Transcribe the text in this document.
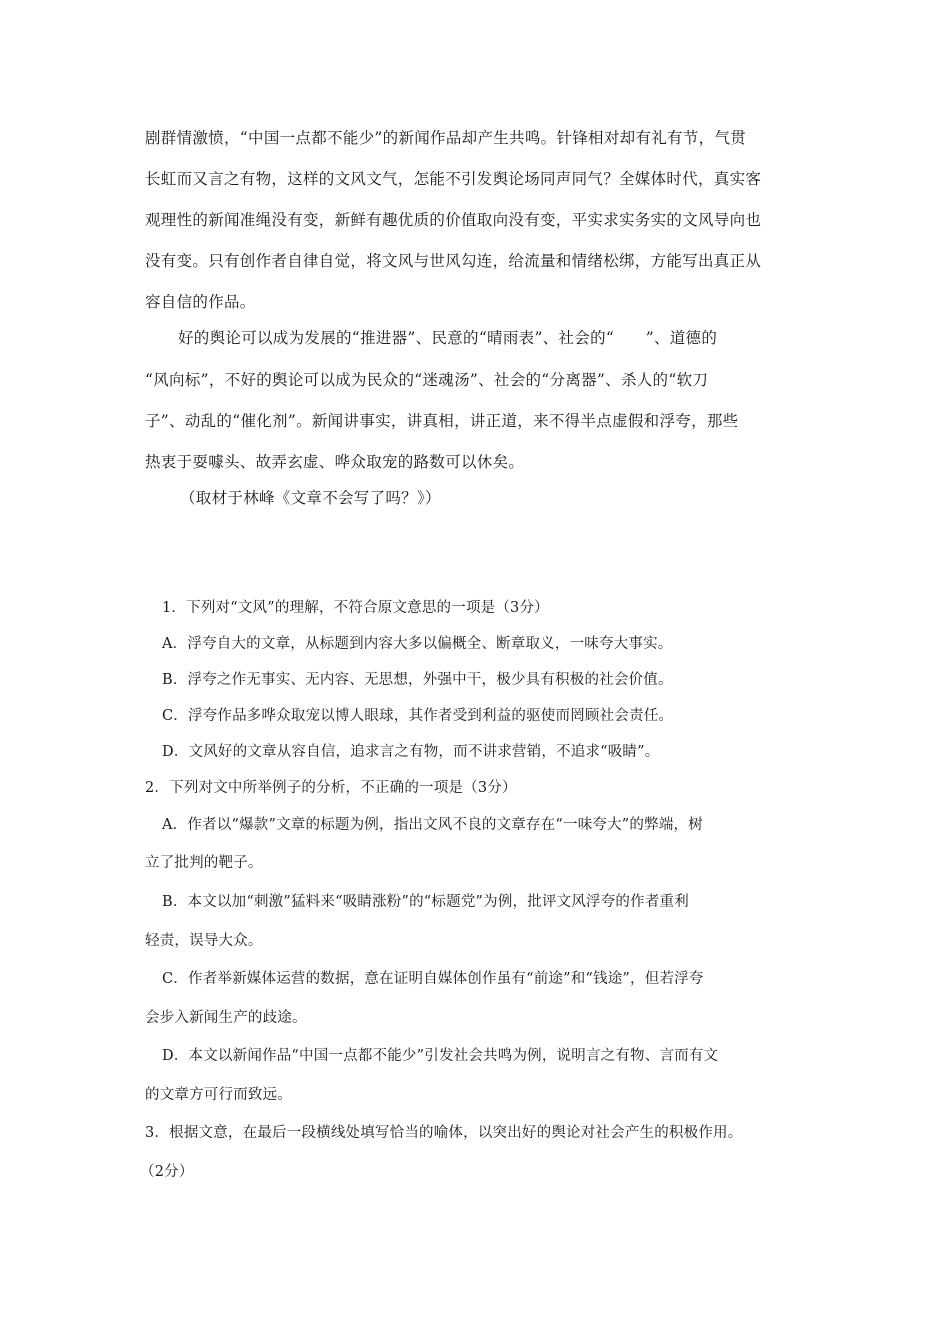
剧群情激愤，“中国一点都不能少”的新闻作品却产生共鸣。针锋相对却有礼有节，气贯
长虹而又言之有物，这样的文风文气，怎能不引发舆论场同声同气？全媒体时代，真实客
观理性的新闻准绳没有变，新鲜有趣优质的价值取向没有变，平实求实务实的文风导向也
没有变。只有创作者自律自觉，将文风与世风勾连，给流量和情绪松绑，方能写出真正从
容自信的作品。
好的舆论可以成为发展的“推进器”、民意的“晴雨表”、社会的“　　”、道德的
“风向标”，不好的舆论可以成为民众的“迷魂汤”、社会的“分离器”、杀人的“软刀
子”、动乱的“催化剂”。新闻讲事实，讲真相，讲正道，来不得半点虚假和浮夸，那些
热衷于耍噱头、故弄玄虚、哗众取宠的路数可以休矣。
（取材于林峰《文章不会写了吗？》）
1．下列对“文风”的理解，不符合原文意思的一项是（3分）
A．浮夸自大的文章，从标题到内容大多以偏概全、断章取义，一味夸大事实。
B．浮夸之作无事实、无内容、无思想，外强中干，极少具有积极的社会价值。
C．浮夸作品多哗众取宠以博人眼球，其作者受到利益的驱使而罔顾社会责任。
D．文风好的文章从容自信，追求言之有物，而不讲求营销，不追求“吸睛”。
2．下列对文中所举例子的分析，不正确的一项是（3分）
A．作者以“爆款”文章的标题为例，指出文风不良的文章存在“一味夸大”的弊端，树
立了批判的靶子。
B．本文以加“刺激”猛料来“吸睛涨粉”的“标题党”为例，批评文风浮夸的作者重利
轻责，误导大众。
C．作者举新媒体运营的数据，意在证明自媒体创作虽有“前途”和“钱途”，但若浮夸
会步入新闻生产的歧途。
D．本文以新闻作品“中国一点都不能少”引发社会共鸣为例，说明言之有物、言而有文
的文章方可行而致远。
3．根据文意，在最后一段横线处填写恰当的喻体，以突出好的舆论对社会产生的积极作用。
（2分）
